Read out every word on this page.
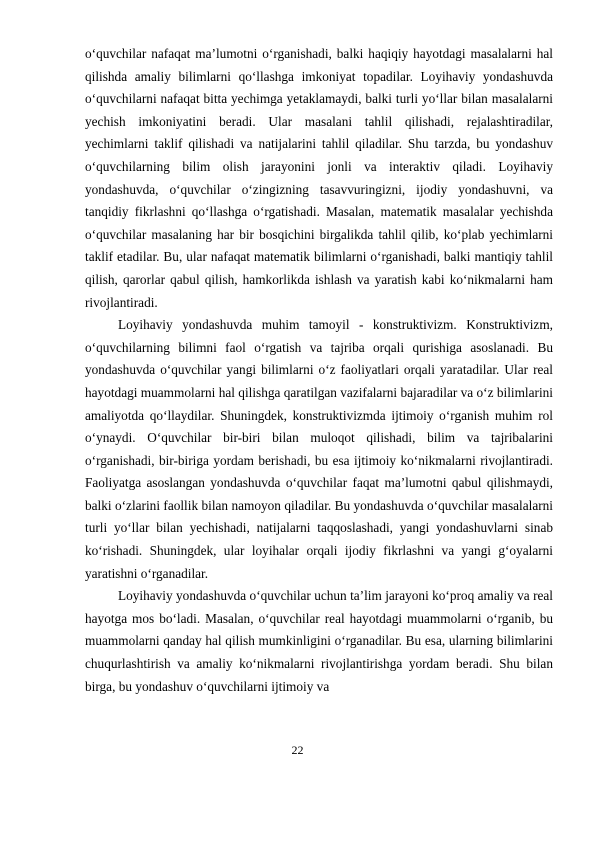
o‘quvchilar nafaqat ma’lumotni o‘rganishadi, balki haqiqiy hayotdagi masalalarni hal qilishda amaliy bilimlarni qo‘llashga imkoniyat topadilar. Loyihaviy yondashuvda o‘quvchilarni nafaqat bitta yechimga yetaklamaydi, balki turli yo‘llar bilan masalalarni yechish imkoniyatini beradi. Ular masalani tahlil qilishadi, rejalashtiradilar, yechimlarni taklif qilishadi va natijalarini tahlil qiladilar. Shu tarzda, bu yondashuv o‘quvchilarning bilim olish jarayonini jonli va interaktiv qiladi. Loyihaviy yondashuvda, o‘quvchilar o‘zingizning tasavvuringizni, ijodiy yondashuvni, va tanqidiy fikrlashni qo‘llashga o‘rgatishadi. Masalan, matematik masalalar yechishda o‘quvchilar masalaning har bir bosqichini birgalikda tahlil qilib, ko‘plab yechimlarni taklif etadilar. Bu, ular nafaqat matematik bilimlarni o‘rganishadi, balki mantiqiy tahlil qilish, qarorlar qabul qilish, hamkorlikda ishlash va yaratish kabi ko‘nikmalarni ham rivojlantiradi.

Loyihaviy yondashuvda muhim tamoyil - konstruktivizm. Konstruktivizm, o‘quvchilarning bilimni faol o‘rgatish va tajriba orqali qurishiga asoslanadi. Bu yondashuvda o‘quvchilar yangi bilimlarni o‘z faoliyatlari orqali yaratadilar. Ular real hayotdagi muammolarni hal qilishga qaratilgan vazifalarni bajaradilar va o‘z bilimlarini amaliyotda qo‘llaydilar. Shuningdek, konstruktivizmda ijtimoiy o‘rganish muhim rol o‘ynaydi. O‘quvchilar bir-biri bilan muloqot qilishadi, bilim va tajribalarini o‘rganishadi, bir-biriga yordam berishadi, bu esa ijtimoiy ko‘nikmalarni rivojlantiradi. Faoliyatga asoslangan yondashuvda o‘quvchilar faqat ma’lumotni qabul qilishmaydi, balki o‘zlarini faollik bilan namoyon qiladilar. Bu yondashuvda o‘quvchilar masalalarni turli yo‘llar bilan yechishadi, natijalarni taqqoslashadi, yangi yondashuvlarni sinab ko‘rishadi. Shuningdek, ular loyihalar orqali ijodiy fikrlashni va yangi g‘oyalarni yaratishni o‘rganadilar.

Loyihaviy yondashuvda o‘quvchilar uchun ta’lim jarayoni ko‘proq amaliy va real hayotga mos bo‘ladi. Masalan, o‘quvchilar real hayotdagi muammolarni o‘rganib, bu muammolarni qanday hal qilish mumkinligini o‘rganadilar. Bu esa, ularning bilimlarini chuqurlashtirish va amaliy ko‘nikmalarni rivojlantirishga yordam beradi. Shu bilan birga, bu yondashuv o‘quvchilarni ijtimoiy va

22
